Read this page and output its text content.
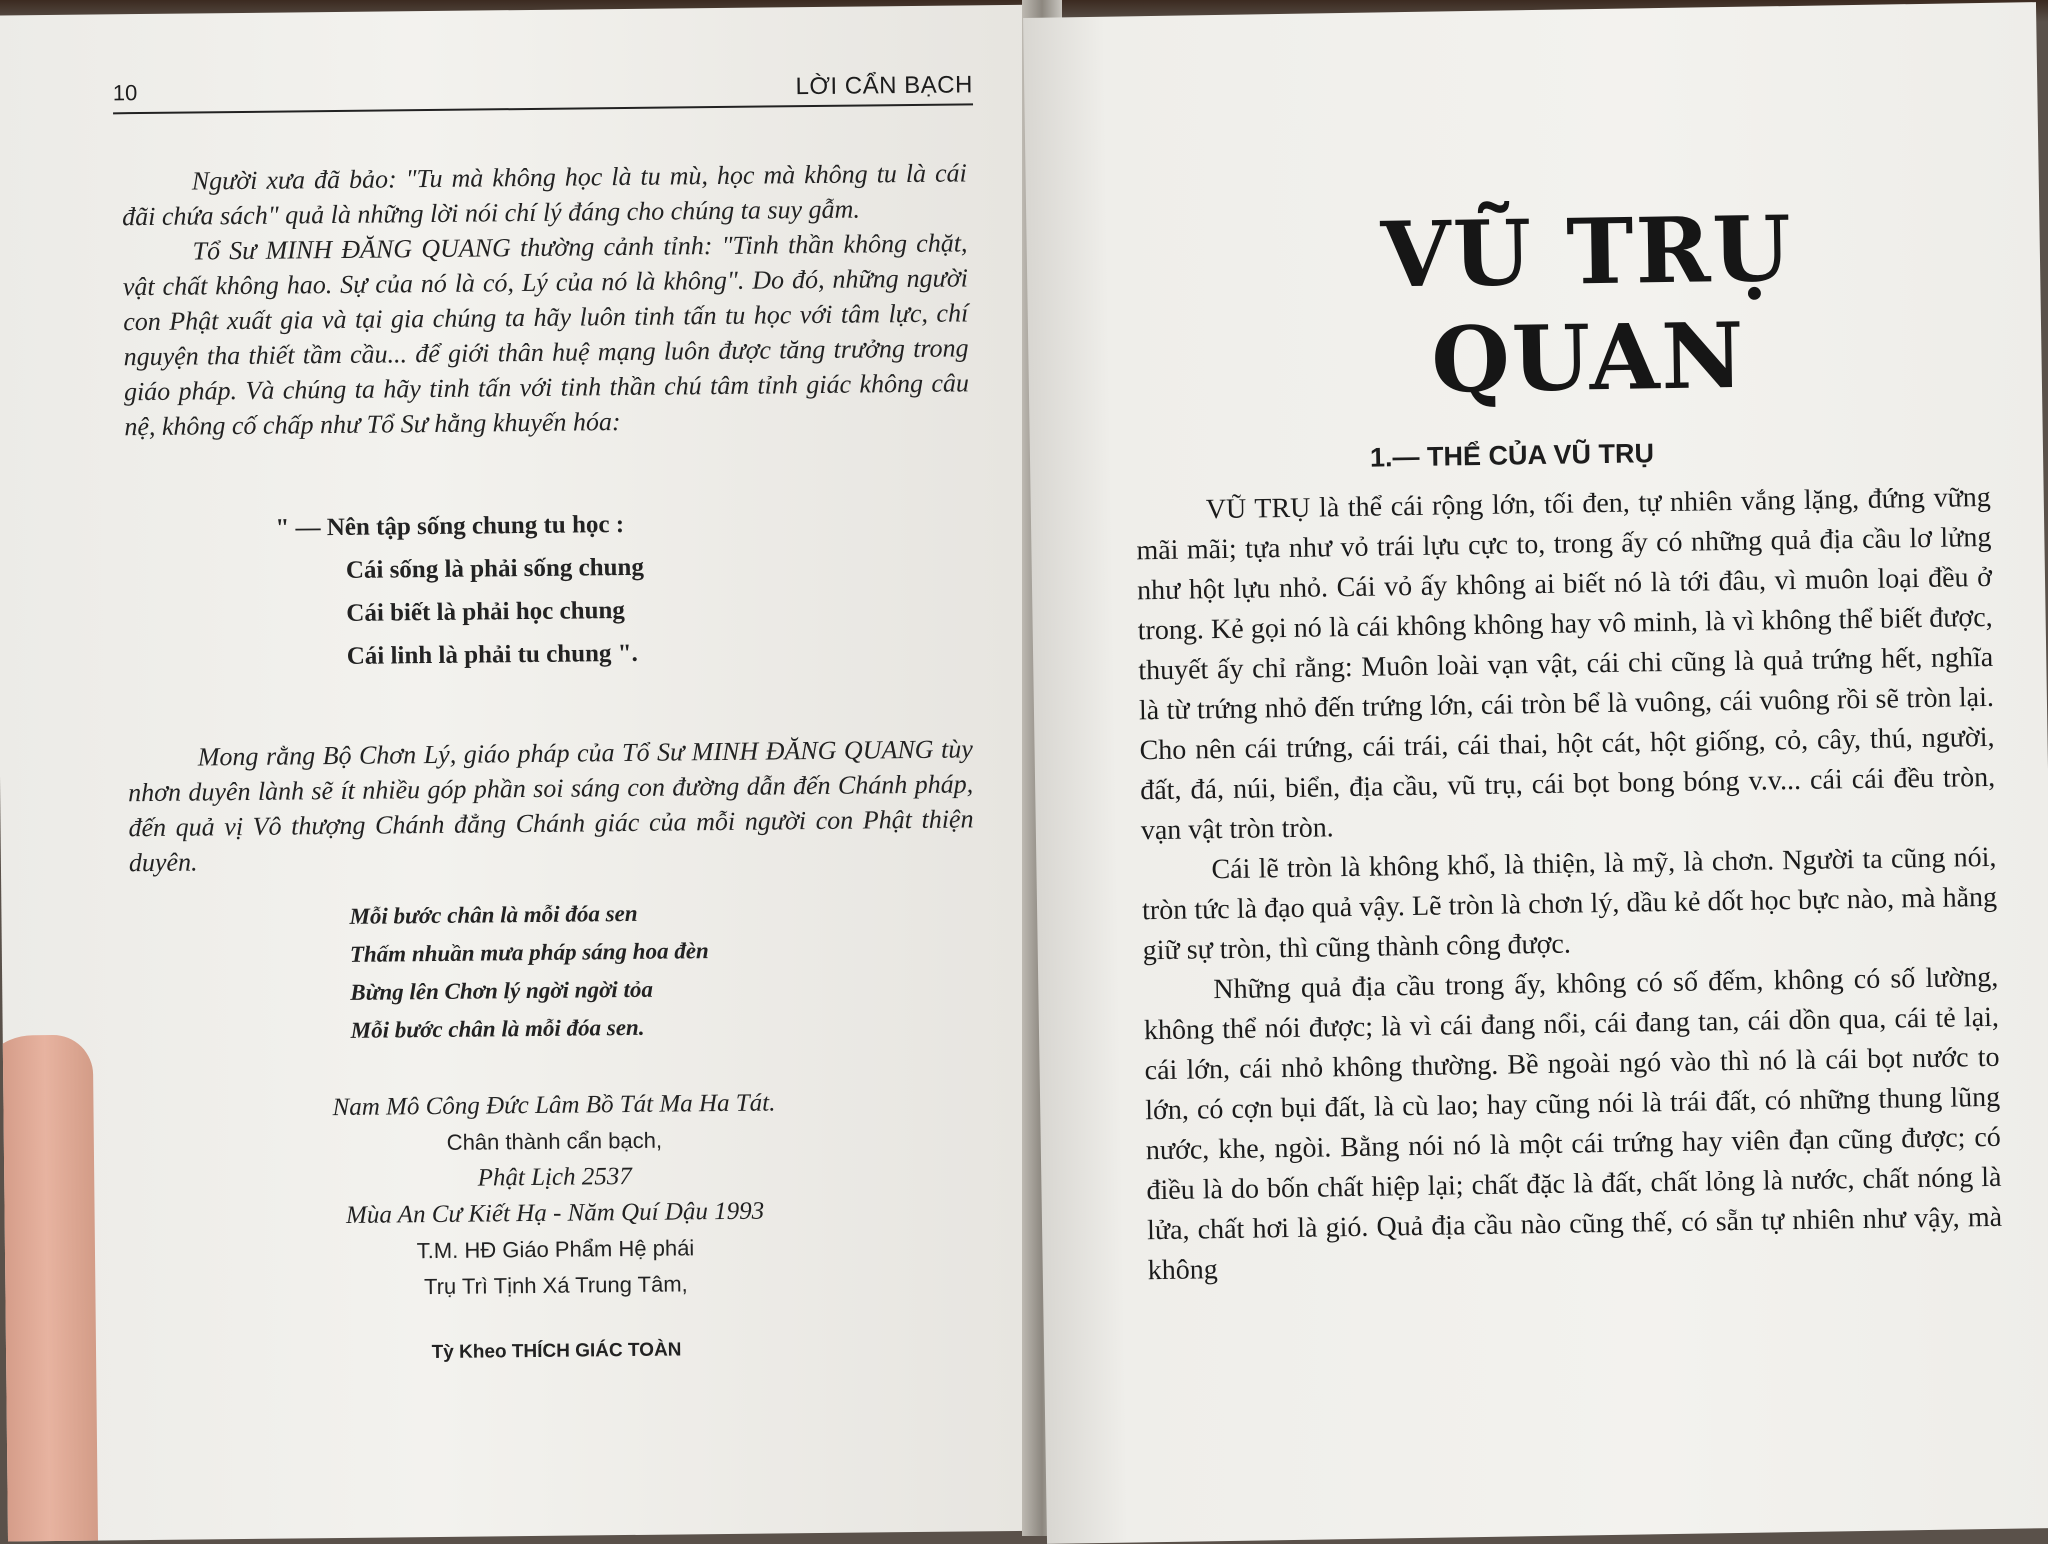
10	LỜI CẨN BẠCH

Người xưa đã bảo: "Tu mà không học là tu mù, học mà không tu là cái đãi chứa sách" quả là những lời nói chí lý đáng cho chúng ta suy gẫm.

Tổ Sư MINH ĐĂNG QUANG thường cảnh tỉnh: "Tinh thần không chặt, vật chất không hao. Sự của nó là có, Lý của nó là không". Do đó, những người con Phật xuất gia và tại gia chúng ta hãy luôn tinh tấn tu học với tâm lực, chí nguyện tha thiết tầm cầu... để giới thân huệ mạng luôn được tăng trưởng trong giáo pháp. Và chúng ta hãy tinh tấn với tinh thần chú tâm tỉnh giác không câu nệ, không cố chấp như Tổ Sư hằng khuyến hóa:

" — Nên tập sống chung tu học :
Cái sống là phải sống chung
Cái biết là phải học chung
Cái linh là phải tu chung ".

Mong rằng Bộ Chơn Lý, giáo pháp của Tổ Sư MINH ĐĂNG QUANG tùy nhơn duyên lành sẽ ít nhiều góp phần soi sáng con đường dẫn đến Chánh pháp, đến quả vị Vô thượng Chánh đẳng Chánh giác của mỗi người con Phật thiện duyên.

Mỗi bước chân là mỗi đóa sen
Thấm nhuần mưa pháp sáng hoa đèn
Bừng lên Chơn lý ngời ngời tỏa
Mỗi bước chân là mỗi đóa sen.
Nam Mô Công Đức Lâm Bồ Tát Ma Ha Tát.
Chân thành cẩn bạch,
Phật Lịch 2537
Mùa An Cư Kiết Hạ - Năm Quí Dậu 1993
T.M. HĐ Giáo Phẩm Hệ phái
Trụ Trì Tịnh Xá Trung Tâm,
Tỳ Kheo THÍCH GIÁC TOÀN
VŨ TRỤ QUAN
1.— THỂ CỦA VŨ TRỤ

VŨ TRỤ là thể cái rộng lớn, tối đen, tự nhiên vắng lặng, đứng vững mãi mãi; tựa như vỏ trái lựu cực to, trong ấy có những quả địa cầu lơ lửng như hột lựu nhỏ. Cái vỏ ấy không ai biết nó là tới đâu, vì muôn loại đều ở trong. Kẻ gọi nó là cái không không hay vô minh, là vì không thể biết được, thuyết ấy chỉ rằng: Muôn loài vạn vật, cái chi cũng là quả trứng hết, nghĩa là từ trứng nhỏ đến trứng lớn, cái tròn bể là vuông, cái vuông rồi sẽ tròn lại. Cho nên cái trứng, cái trái, cái thai, hột cát, hột giống, cỏ, cây, thú, người, đất, đá, núi, biển, địa cầu, vũ trụ, cái bọt bong bóng v.v... cái cái đều tròn, vạn vật tròn tròn.

Cái lẽ tròn là không khổ, là thiện, là mỹ, là chơn. Người ta cũng nói, tròn tức là đạo quả vậy. Lẽ tròn là chơn lý, dầu kẻ dốt học bực nào, mà hằng giữ sự tròn, thì cũng thành công được.

Những quả địa cầu trong ấy, không có số đếm, không có số lường, không thể nói được; là vì cái đang nổi, cái đang tan, cái dồn qua, cái tẻ lại, cái lớn, cái nhỏ không thường. Bề ngoài ngó vào thì nó là cái bọt nước to lớn, có cợn bụi đất, là cù lao; hay cũng nói là trái đất, có những thung lũng nước, khe, ngòi. Bằng nói nó là một cái trứng hay viên đạn cũng được; có điều là do bốn chất hiệp lại; chất đặc là đất, chất lỏng là nước, chất nóng là lửa, chất hơi là gió. Quả địa cầu nào cũng thế, có sẵn tự nhiên như vậy, mà không
